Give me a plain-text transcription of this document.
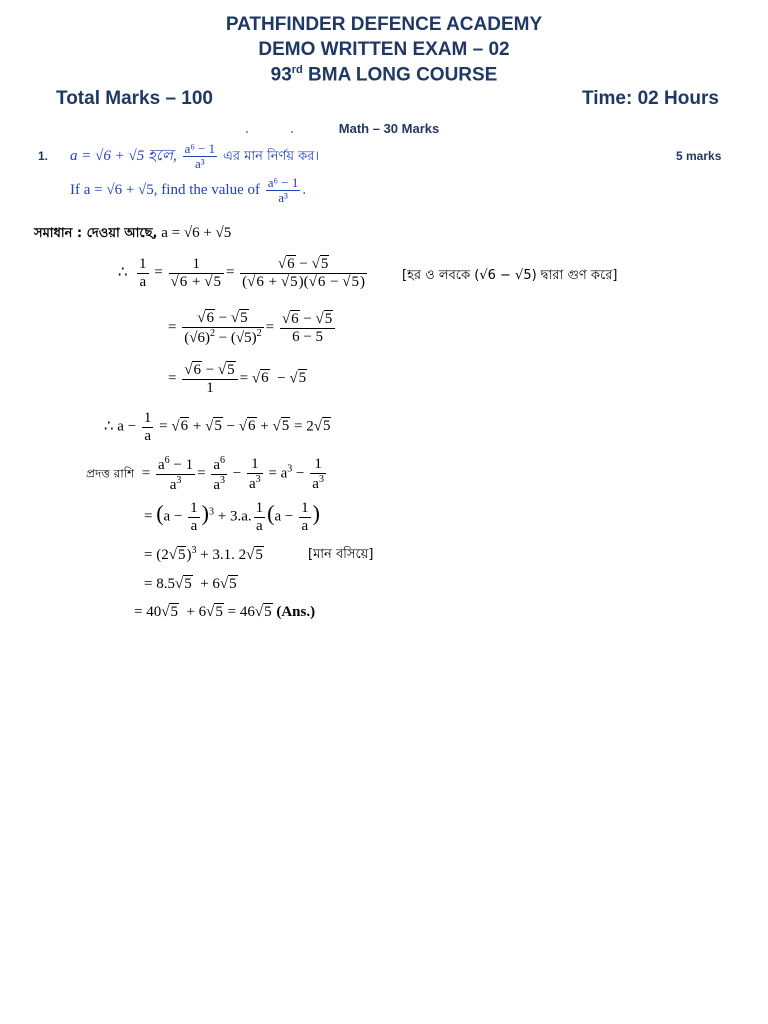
PATHFINDER DEFENCE ACADEMY
DEMO WRITTEN EXAM – 02
93rd BMA LONG COURSE
Total Marks – 100	Time: 02 Hours
Math – 30 Marks
1.	5 marks
a = √6 + √5 হলে, $\frac{\text{a⁶ − 1}}{\text{a³}}$ এর মান নির্ণয় কর।
If a = √6 + √5, find the value of $\frac{\text{a⁶ − 1}}{\text{a³}}$ .
সমাধান : দেওয়া আছে, a = √6 + √5
∴ $\frac{1}{a} = \frac{1}{√6 + √5} = \frac{√6 - √5}{(√6 + √5)(√6 - √5)}$	[হর ও লবকে (√6 − √5) দ্বারা গুণ করে]
= $\frac{√6 - √5}{(√6)^2 - (√5)^2} = \frac{√6 - √5}{6 - 5}$
= $\frac{√6 - √5}{1} = √6 - √5$
∴ $a - \frac{1}{a} = √6 + √5 - √6 + √5 = 2√5$
প্রদত্ত রাশি  = $\frac{a^6 - 1}{a^3} = \frac{a^6}{a^3} - \frac{1}{a^3} = a^3 - \frac{1}{a^3}$
= $(a - \frac{1}{a} )^3 + 3.a$. $\frac{1}{a} (a - \frac{1}{a}$ )
= $(2√5)^3 + 3.1$. 2√5	[মান বসিয়ে]
= 8.5√5  + 6√5
= 40√5  + 6√5 = 46√5 (Ans.)
